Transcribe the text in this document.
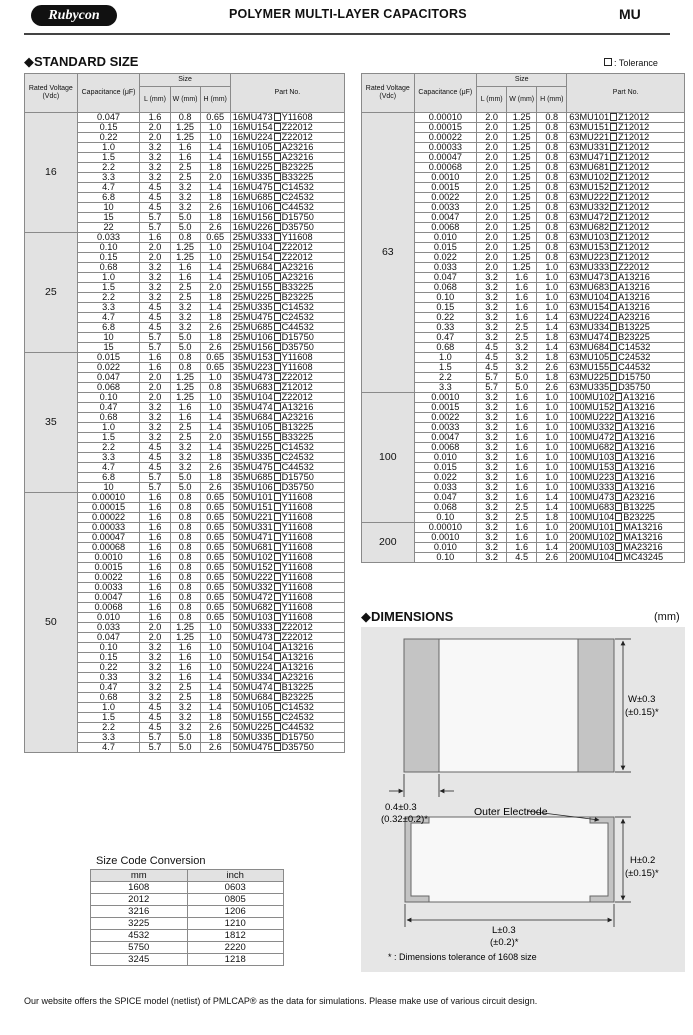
Rubycon	POLYMER MULTI-LAYER CAPACITORS	MU
◆STANDARD SIZE	: Tolerance
Rated Voltage (Vdc)	Capacitance (μF)	Size			Part No.
		L (mm)	W (mm)	H (mm)	
16	0.047	1.6	0.8	0.65	16MU473 Y11608
	0.15	2.0	1.25	1.0	16MU154 Z22012
	0.22	2.0	1.25	1.0	16MU224 Z22012
	1.0	3.2	1.6	1.4	16MU105 A23216
	1.5	3.2	1.6	1.4	16MU155 A23216
	2.2	3.2	2.5	1.8	16MU225 B23225
	3.3	3.2	2.5	2.0	16MU335 B33225
	4.7	4.5	3.2	1.4	16MU475 C14532
	6.8	4.5	3.2	1.8	16MU685 C24532
	10	4.5	3.2	2.6	16MU106 C44532
	15	5.7	5.0	1.8	16MU156 D15750
	22	5.7	5.0	2.6	16MU226 D35750
25	0.033	1.6	0.8	0.65	25MU333 Y11608
	0.10	2.0	1.25	1.0	25MU104 Z22012
	0.15	2.0	1.25	1.0	25MU154 Z22012
	0.68	3.2	1.6	1.4	25MU684 A23216
	1.0	3.2	1.6	1.4	25MU105 A23216
	1.5	3.2	2.5	2.0	25MU155 B33225
	2.2	3.2	2.5	1.8	25MU225 B23225
	3.3	4.5	3.2	1.4	25MU335 C14532
	4.7	4.5	3.2	1.8	25MU475 C24532
	6.8	4.5	3.2	2.6	25MU685 C44532
	10	5.7	5.0	1.8	25MU106 D15750
	15	5.7	5.0	2.6	25MU156 D35750
35	0.015	1.6	0.8	0.65	35MU153 Y11608
	0.022	1.6	0.8	0.65	35MU223 Y11608
	0.047	2.0	1.25	1.0	35MU473 Z22012
	0.068	2.0	1.25	0.8	35MU683 Z12012
	0.10	2.0	1.25	1.0	35MU104 Z22012
	0.47	3.2	1.6	1.0	35MU474 A13216
	0.68	3.2	1.6	1.4	35MU684 A23216
	1.0	3.2	2.5	1.4	35MU105 B13225
	1.5	3.2	2.5	2.0	35MU155 B33225
	2.2	4.5	3.2	1.4	35MU225 C14532
	3.3	4.5	3.2	1.8	35MU335 C24532
	4.7	4.5	3.2	2.6	35MU475 C44532
	6.8	5.7	5.0	1.8	35MU685 D15750
	10	5.7	5.0	2.6	35MU106 D35750
50	0.00010	1.6	0.8	0.65	50MU101 Y11608
	0.00015	1.6	0.8	0.65	50MU151 Y11608
	0.00022	1.6	0.8	0.65	50MU221 Y11608
	0.00033	1.6	0.8	0.65	50MU331 Y11608
	0.00047	1.6	0.8	0.65	50MU471 Y11608
	0.00068	1.6	0.8	0.65	50MU681 Y11608
	0.0010	1.6	0.8	0.65	50MU102 Y11608
	0.0015	1.6	0.8	0.65	50MU152 Y11608
	0.0022	1.6	0.8	0.65	50MU222 Y11608
	0.0033	1.6	0.8	0.65	50MU332 Y11608
	0.0047	1.6	0.8	0.65	50MU472 Y11608
	0.0068	1.6	0.8	0.65	50MU682 Y11608
	0.010	1.6	0.8	0.65	50MU103 Y11608
	0.033	2.0	1.25	1.0	50MU333 Z22012
	0.047	2.0	1.25	1.0	50MU473 Z22012
	0.10	3.2	1.6	1.0	50MU104 A13216
	0.15	3.2	1.6	1.0	50MU154 A13216
	0.22	3.2	1.6	1.0	50MU224 A13216
	0.33	3.2	1.6	1.4	50MU334 A23216
	0.47	3.2	2.5	1.4	50MU474 B13225
	0.68	3.2	2.5	1.8	50MU684 B23225
	1.0	4.5	3.2	1.4	50MU105 C14532
	1.5	4.5	3.2	1.8	50MU155 C24532
	2.2	4.5	3.2	2.6	50MU225 C44532
	3.3	5.7	5.0	1.8	50MU335 D15750
	4.7	5.7	5.0	2.6	50MU475 D35750
Rated Voltage (Vdc)	Capacitance (μF)	Size			Part No.
		L (mm)	W (mm)	H (mm)	
63	0.00010	2.0	1.25	0.8	63MU101 Z12012
	0.00015	2.0	1.25	0.8	63MU151 Z12012
	0.00022	2.0	1.25	0.8	63MU221 Z12012
	0.00033	2.0	1.25	0.8	63MU331 Z12012
	0.00047	2.0	1.25	0.8	63MU471 Z12012
	0.00068	2.0	1.25	0.8	63MU681 Z12012
	0.0010	2.0	1.25	0.8	63MU102 Z12012
	0.0015	2.0	1.25	0.8	63MU152 Z12012
	0.0022	2.0	1.25	0.8	63MU222 Z12012
	0.0033	2.0	1.25	0.8	63MU332 Z12012
	0.0047	2.0	1.25	0.8	63MU472 Z12012
	0.0068	2.0	1.25	0.8	63MU682 Z12012
	0.010	2.0	1.25	0.8	63MU103 Z12012
	0.015	2.0	1.25	0.8	63MU153 Z12012
	0.022	2.0	1.25	0.8	63MU223 Z12012
	0.033	2.0	1.25	1.0	63MU333 Z22012
	0.047	3.2	1.6	1.0	63MU473 A13216
	0.068	3.2	1.6	1.0	63MU683 A13216
	0.10	3.2	1.6	1.0	63MU104 A13216
	0.15	3.2	1.6	1.0	63MU154 A13216
	0.22	3.2	1.6	1.4	63MU224 A23216
	0.33	3.2	2.5	1.4	63MU334 B13225
	0.47	3.2	2.5	1.8	63MU474 B23225
	0.68	4.5	3.2	1.4	63MU684 C14532
	1.0	4.5	3.2	1.8	63MU105 C24532
	1.5	4.5	3.2	2.6	63MU155 C44532
	2.2	5.7	5.0	1.8	63MU225 D15750
	3.3	5.7	5.0	2.6	63MU335 D35750
100	0.0010	3.2	1.6	1.0	100MU102 A13216
	0.0015	3.2	1.6	1.0	100MU152 A13216
	0.0022	3.2	1.6	1.0	100MU222 A13216
	0.0033	3.2	1.6	1.0	100MU332 A13216
	0.0047	3.2	1.6	1.0	100MU472 A13216
	0.0068	3.2	1.6	1.0	100MU682 A13216
	0.010	3.2	1.6	1.0	100MU103 A13216
	0.015	3.2	1.6	1.0	100MU153 A13216
	0.022	3.2	1.6	1.0	100MU223 A13216
	0.033	3.2	1.6	1.0	100MU333 A13216
	0.047	3.2	1.6	1.4	100MU473 A23216
	0.068	3.2	2.5	1.4	100MU683 B13225
	0.10	3.2	2.5	1.8	100MU104 B23225
200	0.00010	3.2	1.6	1.0	200MU101 MA13216
	0.0010	3.2	1.6	1.0	200MU102 MA13216
	0.010	3.2	1.6	1.4	200MU103 MA23216
	0.10	3.2	4.5	2.6	200MU104 MC43245
Size Code Conversion
mm	inch
1608	0603
2012	0805
3216	1206
3225	1210
4532	1812
5750	2220
3245	1218
◆DIMENSIONS	(mm)
W±0.3
(±0.15)*
0.4±0.3
(0.32±0.2)*
Outer Electrode
H±0.2
(±0.15)*
L±0.3
(±0.2)*
* : Dimensions tolerance of 1608 size
Our website offers the SPICE model (netlist) of PMLCAP® as the data for simulations. Please make use of various circuit design.
